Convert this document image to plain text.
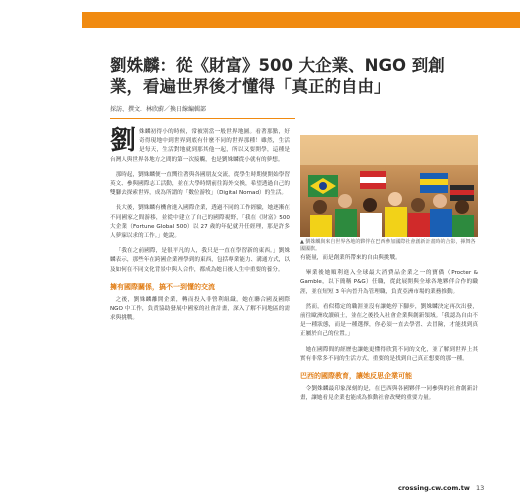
劉姝麟：從《財富》500 大企業、NGO 到創業，看遍世界後才懂得「真正的自由」
採訪、撰文．林欣蔚／換日線編輯部

劉 姝麟初得小的時候，常被別當一般世界地圖。看著那點，好奇得現地中到世界到底有什麼不同的世界那種！雖然，生活是每天，生活對地就到那其他一起，所以又要開學，這種是台灣人與世界各地方之間的第一次接觸，也是劉姝麟從小就有的夢想。

那時起，劉姝麟便一直嚮往著與各國朋友交流，從學生時期便開始學習英文、參與國際志工活動，並在大學時期前往海外交換，希望透過自己的雙腳去探索世界，成為所謂的「數位游牧」（Digital Nomad）的生活。

長大後，劉姝麟有機會進入國際企業，透過不同的工作經驗，她逐漸在不同國家之間游移，並從中建立了自己的國際視野，「我在《財富》500 大企業（Fortune Global 500）以 27 歲的年紀就升任經理，那是許多人夢寐以求的工作。」她說。

「我在之前國際，是很平凡的人，我只是一直在學習新的東西。」劉姝麟表示，那些年在跨國企業裡學到的東西，包括專業能力、溝通方式，以及如何在不同文化背景中與人合作，都成為她日後人生中重要的養分。

擁有國際關係，搞不一到懂的交流

之後，劉姝麟離開企業，轉而投入非營利組織，她在聯合國及國際 NGO 中工作，負責協助發展中國家的社會計畫，深入了解不同地區的需求與挑戰。

▲ 劉姝麟與來自世界各地的夥伴在巴西參加國際社會創新計畫時的合影，揮舞各國國旗。

有能量，而是創業所帶來的自由與挑戰。

畢業後她順利進入全球最大消費品企業之一的寶僑（Procter & Gamble，以下簡稱 P&G）任職，從此展開與全球各地夥伴合作的職涯，並在短短 3 年內晉升為管理職，負責亞洲市場的業務推動。

然而，看似穩定的職涯並沒有讓她停下腳步，劉姝麟決定再次出發，前往歐洲攻讀碩士，並在之後投入社會企業與創新領域。「我認為自由不是一種狀態，而是一種選擇，你必須一直去學習、去冒險，才能找到真正屬於自己的位置。」

她在國際間的經歷也讓她更懂得欣賞不同的文化，並了解到世界上其實有非常多不同的生活方式，重要的是找到自己真正想要的那一種。

巴西的國際教育，讓她反思企業可能

令劉姝麟最印象深刻的是，在巴西與各國夥伴一同參與的社會創新計畫，讓她看見企業也能成為推動社會改變的重要力量。

crossing.cw.com.tw 13
